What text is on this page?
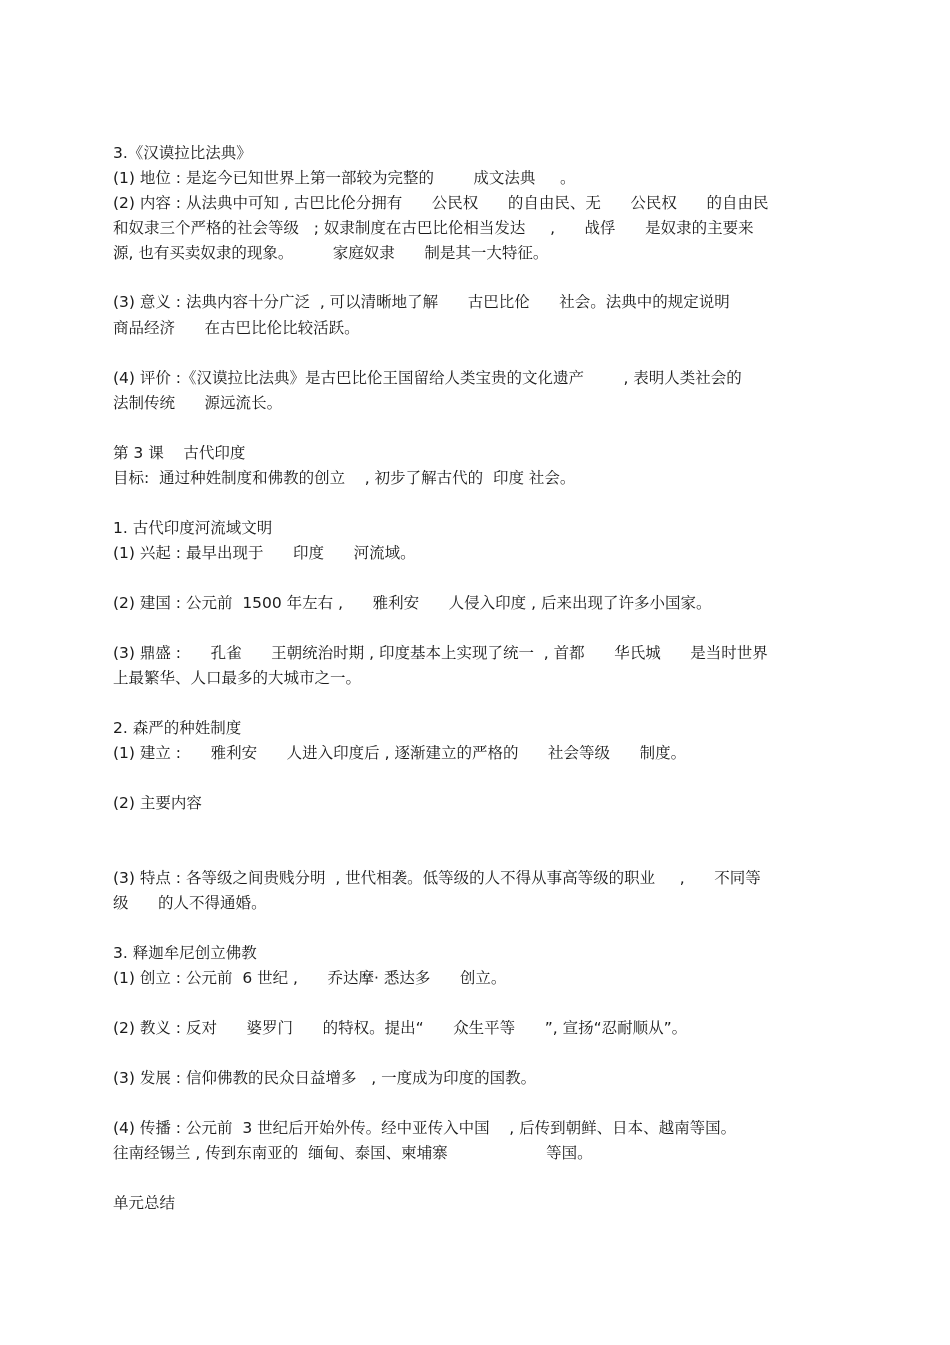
3.《汉谟拉比法典》
(1) 地位 : 是迄今已知世界上第一部较为完整的        成文法典     。
(2) 内容 : 从法典中可知 , 古巴比伦分拥有      公民权      的自由民、无      公民权      的自由民
和奴隶三个严格的社会等级   ; 奴隶制度在古巴比伦相当发达     ,      战俘      是奴隶的主要来
源, 也有买卖奴隶的现象。        家庭奴隶      制是其一大特征。
(3) 意义 : 法典内容十分广泛  , 可以清晰地了解      古巴比伦      社会。法典中的规定说明
商品经济      在古巴比伦比较活跃。
(4) 评价 :《汉谟拉比法典》是古巴比伦王国留给人类宝贵的文化遗产        , 表明人类社会的
法制传统      源远流长。
第 3 课    古代印度
目标:  通过种姓制度和佛教的创立    , 初步了解古代的  印度 社会。
1. 古代印度河流域文明
(1) 兴起 : 最早出现于      印度      河流域。
(2) 建国 : 公元前  1500 年左右 ,      雅利安      人侵入印度 , 后来出现了许多小国家。
(3) 鼎盛 :      孔雀      王朝统治时期 , 印度基本上实现了统一  , 首都      华氏城      是当时世界
上最繁华、人口最多的大城市之一。
2. 森严的种姓制度
(1) 建立 :      雅利安      人进入印度后 , 逐渐建立的严格的      社会等级      制度。
(2) 主要内容
(3) 特点 : 各等级之间贵贱分明  , 世代相袭。低等级的人不得从事高等级的职业     ,      不同等
级      的人不得通婚。
3. 释迦牟尼创立佛教
(1) 创立 : 公元前  6 世纪 ,      乔达摩· 悉达多      创立。
(2) 教义 : 反对      婆罗门      的特权。提出“      众生平等      ”, 宣扬“忍耐顺从”。
(3) 发展 : 信仰佛教的民众日益增多   , 一度成为印度的国教。
(4) 传播 : 公元前  3 世纪后开始外传。经中亚传入中国    , 后传到朝鲜、日本、越南等国。
往南经锡兰 , 传到东南亚的  缅甸、泰国、柬埔寨                    等国。
单元总结
